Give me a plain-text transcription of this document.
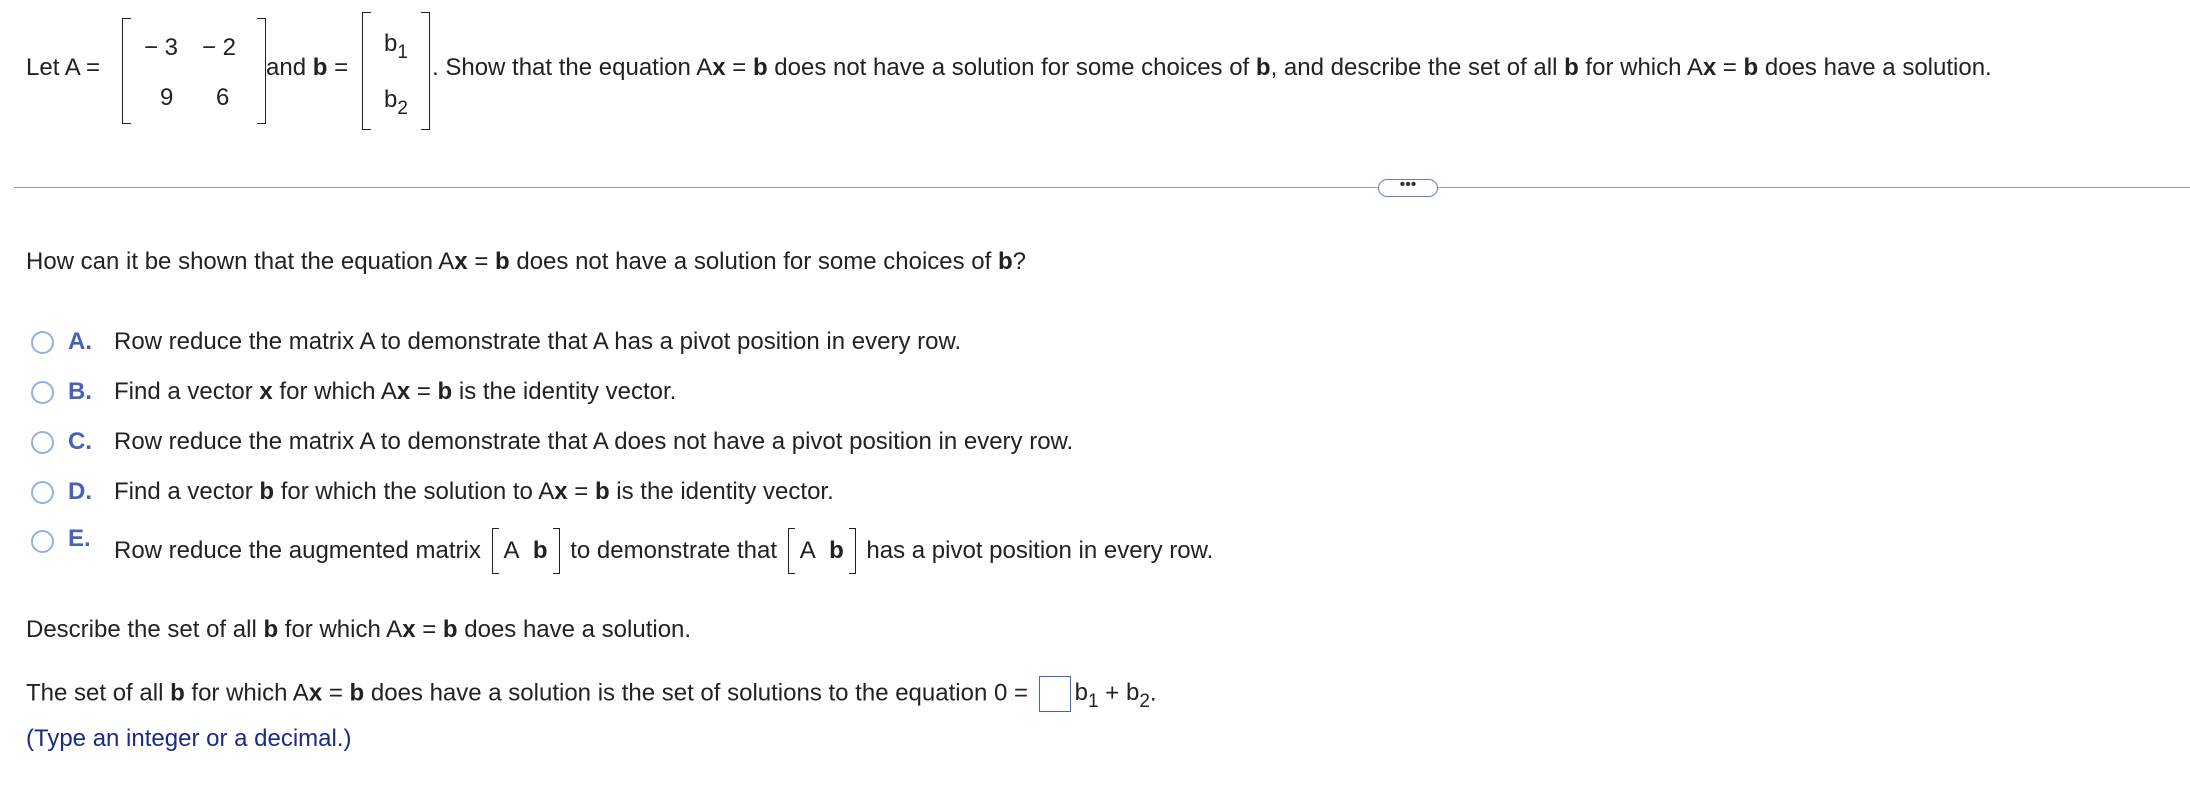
Let A =
− 3 − 2
9 6
and b =
$b_1$
$b_2$
. Show that the equation Ax = b does not have a solution for some choices of b, and describe the set of all b for which Ax = b does have a solution.
•••
How can it be shown that the equation Ax = b does not have a solution for some choices of b?
A. Row reduce the matrix A to demonstrate that A has a pivot position in every row.
B. Find a vector x for which Ax = b is the identity vector.
C. Row reduce the matrix A to demonstrate that A does not have a pivot position in every row.
D. Find a vector b for which the solution to Ax = b is the identity vector.
E. Row reduce the augmented matrix A b to demonstrate that A b has a pivot position in every row.
Describe the set of all b for which Ax = b does have a solution.
The set of all b for which Ax = b does have a solution is the set of solutions to the equation $0 = b_1 + b_2$.
(Type an integer or a decimal.)
